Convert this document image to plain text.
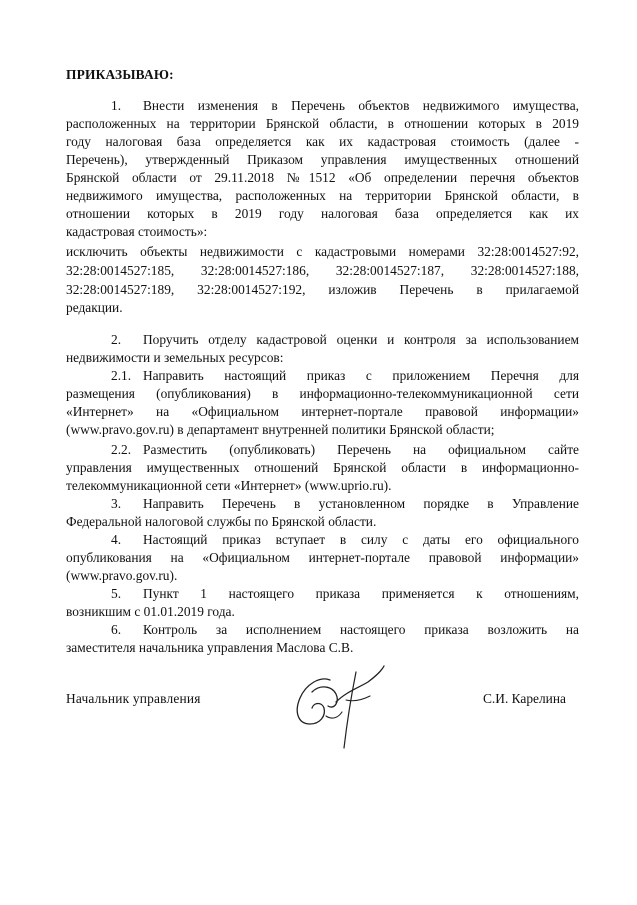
ПРИКАЗЫВАЮ:

1. Внести изменения в Перечень объектов недвижимого имущества,

расположенных на территории Брянской области, в отношении которых в 2019

году налоговая база определяется как их кадастровая стоимость (далее -

Перечень), утвержденный Приказом управления имущественных отношений

Брянской области от 29.11.2018 №1512 «Об определении перечня объектов

недвижимого имущества, расположенных на территории Брянской области, в

отношении которых в 2019 году налоговая база определяется как их

кадастровая стоимость»:

исключить объекты недвижимости с кадастровыми номерами 32:28:0014527:92,

32:28:0014527:185, 32:28:0014527:186, 32:28:0014527:187, 32:28:0014527:188,

32:28:0014527:189, 32:28:0014527:192, изложив Перечень в прилагаемой

редакции.

2. Поручить отделу кадастровой оценки и контроля за использованием

недвижимости и земельных ресурсов:

2.1. Направить настоящий приказ с приложением Перечня для

размещения (опубликования) в информационно-телекоммуникационной сети

«Интернет» на «Официальном интернет-портале правовой информации»

(www.pravo.gov.ru) в департамент внутренней политики Брянской области;

2.2. Разместить (опубликовать) Перечень на официальном сайте

управления имущественных отношений Брянской области в информационно-

телекоммуникационной сети «Интернет» (www.uprio.ru).

3. Направить Перечень в установленном порядке в Управление

Федеральной налоговой службы по Брянской области.

4. Настоящий приказ вступает в силу с даты его официального

опубликования на «Официальном интернет-портале правовой информации»

(www.pravo.gov.ru).

5. Пункт 1 настоящего приказа применяется к отношениям,

возникшим с 01.01.2019 года.

6. Контроль за исполнением настоящего приказа возложить на

заместителя начальника управления Маслова С.В.

Начальник управления	С.И. Карелина
